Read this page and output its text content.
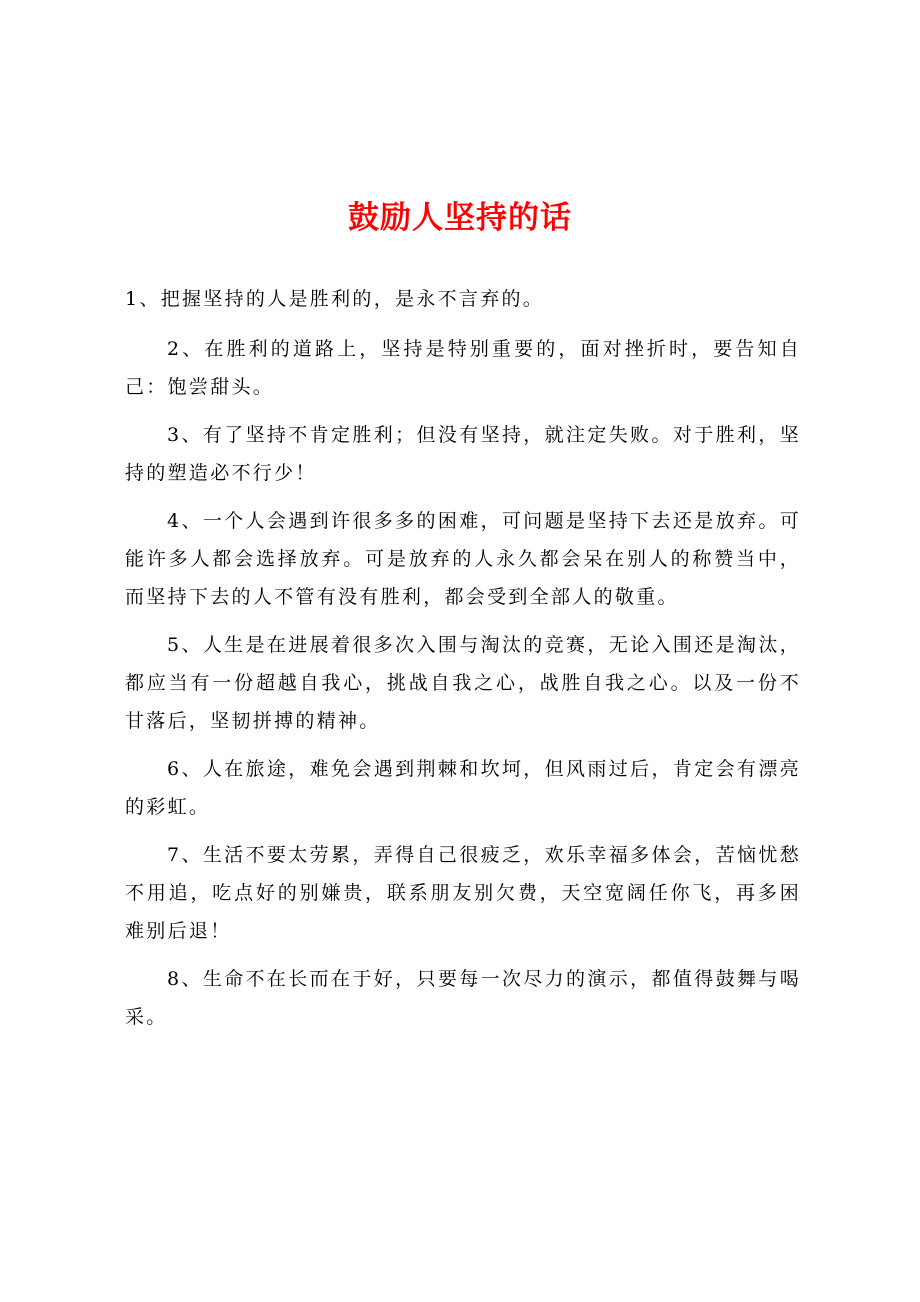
鼓励人坚持的话

1、把握坚持的人是胜利的，是永不言弃的。

2、在胜利的道路上，坚持是特别重要的，面对挫折时，要告知自己：饱尝甜头。

3、有了坚持不肯定胜利；但没有坚持，就注定失败。对于胜利，坚持的塑造必不行少！

4、一个人会遇到许很多多的困难，可问题是坚持下去还是放弃。可能许多人都会选择放弃。可是放弃的人永久都会呆在别人的称赞当中，而坚持下去的人不管有没有胜利，都会受到全部人的敬重。

5、人生是在进展着很多次入围与淘汰的竞赛，无论入围还是淘汰，都应当有一份超越自我心，挑战自我之心，战胜自我之心。以及一份不甘落后，坚韧拼搏的精神。

6、人在旅途，难免会遇到荆棘和坎坷，但风雨过后，肯定会有漂亮的彩虹。

7、生活不要太劳累，弄得自己很疲乏，欢乐幸福多体会，苦恼忧愁不用追，吃点好的别嫌贵，联系朋友别欠费，天空宽阔任你飞，再多困难别后退！

8、生命不在长而在于好，只要每一次尽力的演示，都值得鼓舞与喝采。
